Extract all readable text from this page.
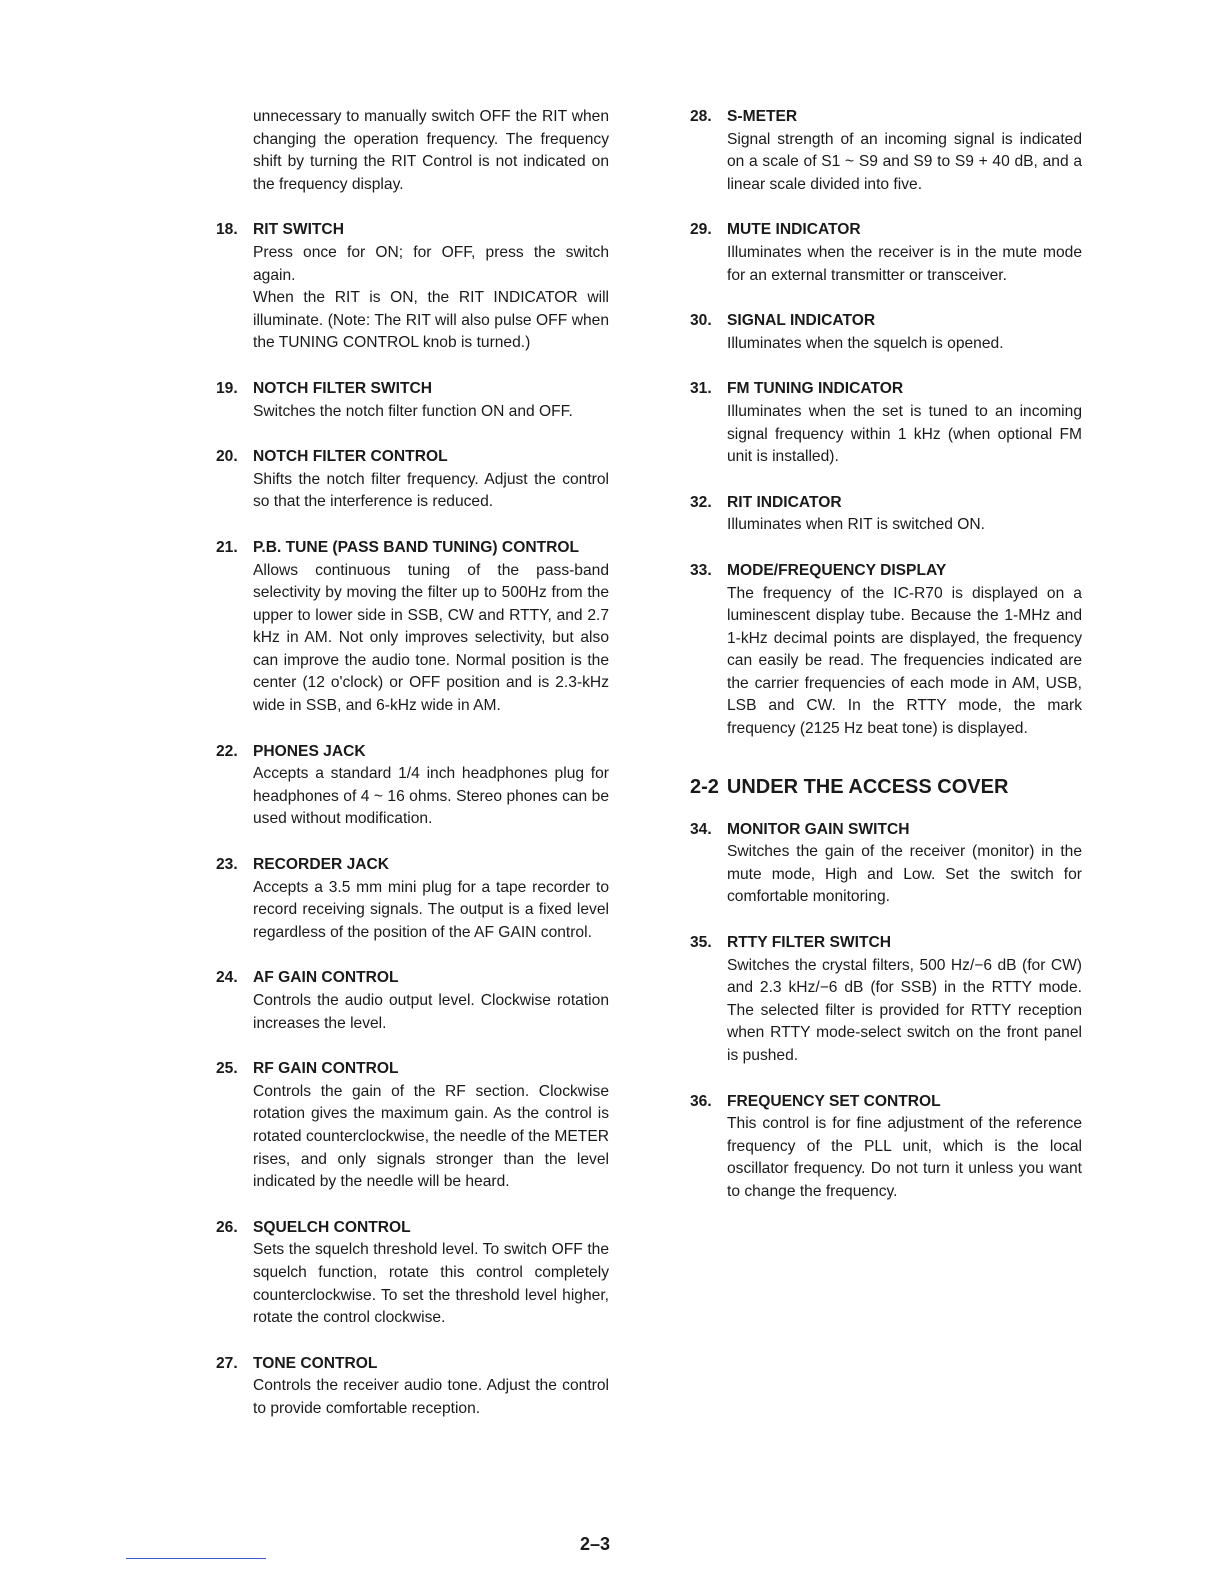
unnecessary to manually switch OFF the RIT when changing the operation frequency. The frequency shift by turning the RIT Control is not indicated on the frequency display.

18. RIT SWITCH

Press once for ON; for OFF, press the switch again.

When the RIT is ON, the RIT INDICATOR will illuminate. (Note: The RIT will also pulse OFF when the TUNING CONTROL knob is turned.)

19. NOTCH FILTER SWITCH

Switches the notch filter function ON and OFF.

20. NOTCH FILTER CONTROL

Shifts the notch filter frequency. Adjust the control so that the interference is reduced.

21. P.B. TUNE (PASS BAND TUNING) CONTROL

Allows continuous tuning of the pass-band selectivity by moving the filter up to 500Hz from the upper to lower side in SSB, CW and RTTY, and 2.7 kHz in AM. Not only improves selectivity, but also can improve the audio tone. Normal position is the center (12 o'clock) or OFF position and is 2.3-kHz wide in SSB, and 6-kHz wide in AM.

22. PHONES JACK

Accepts a standard 1/4 inch headphones plug for headphones of 4 ~ 16 ohms. Stereo phones can be used without modification.

23. RECORDER JACK

Accepts a 3.5 mm mini plug for a tape recorder to record receiving signals. The output is a fixed level regardless of the position of the AF GAIN control.

24. AF GAIN CONTROL

Controls the audio output level. Clockwise rotation increases the level.

25. RF GAIN CONTROL

Controls the gain of the RF section. Clockwise rotation gives the maximum gain. As the control is rotated counterclockwise, the needle of the METER rises, and only signals stronger than the level indicated by the needle will be heard.

26. SQUELCH CONTROL

Sets the squelch threshold level. To switch OFF the squelch function, rotate this control completely counterclockwise. To set the threshold level higher, rotate the control clockwise.

27. TONE CONTROL

Controls the receiver audio tone. Adjust the control to provide comfortable reception.

28. S-METER

Signal strength of an incoming signal is indicated on a scale of S1 ~ S9 and S9 to S9 + 40 dB, and a linear scale divided into five.

29. MUTE INDICATOR

Illuminates when the receiver is in the mute mode for an external transmitter or transceiver.

30. SIGNAL INDICATOR

Illuminates when the squelch is opened.

31. FM TUNING INDICATOR

Illuminates when the set is tuned to an incoming signal frequency within 1 kHz (when optional FM unit is installed).

32. RIT INDICATOR

Illuminates when RIT is switched ON.

33. MODE/FREQUENCY DISPLAY

The frequency of the IC-R70 is displayed on a luminescent display tube. Because the 1-MHz and 1-kHz decimal points are displayed, the frequency can easily be read. The frequencies indicated are the carrier frequencies of each mode in AM, USB, LSB and CW. In the RTTY mode, the mark frequency (2125 Hz beat tone) is displayed.

2-2 UNDER THE ACCESS COVER
34. MONITOR GAIN SWITCH

Switches the gain of the receiver (monitor) in the mute mode, High and Low. Set the switch for comfortable monitoring.

35. RTTY FILTER SWITCH

Switches the crystal filters, 500 Hz/−6 dB (for CW) and 2.3 kHz/−6 dB (for SSB) in the RTTY mode. The selected filter is provided for RTTY reception when RTTY mode-select switch on the front panel is pushed.

36. FREQUENCY SET CONTROL

This control is for fine adjustment of the reference frequency of the PLL unit, which is the local oscillator frequency. Do not turn it unless you want to change the frequency.

2–3
